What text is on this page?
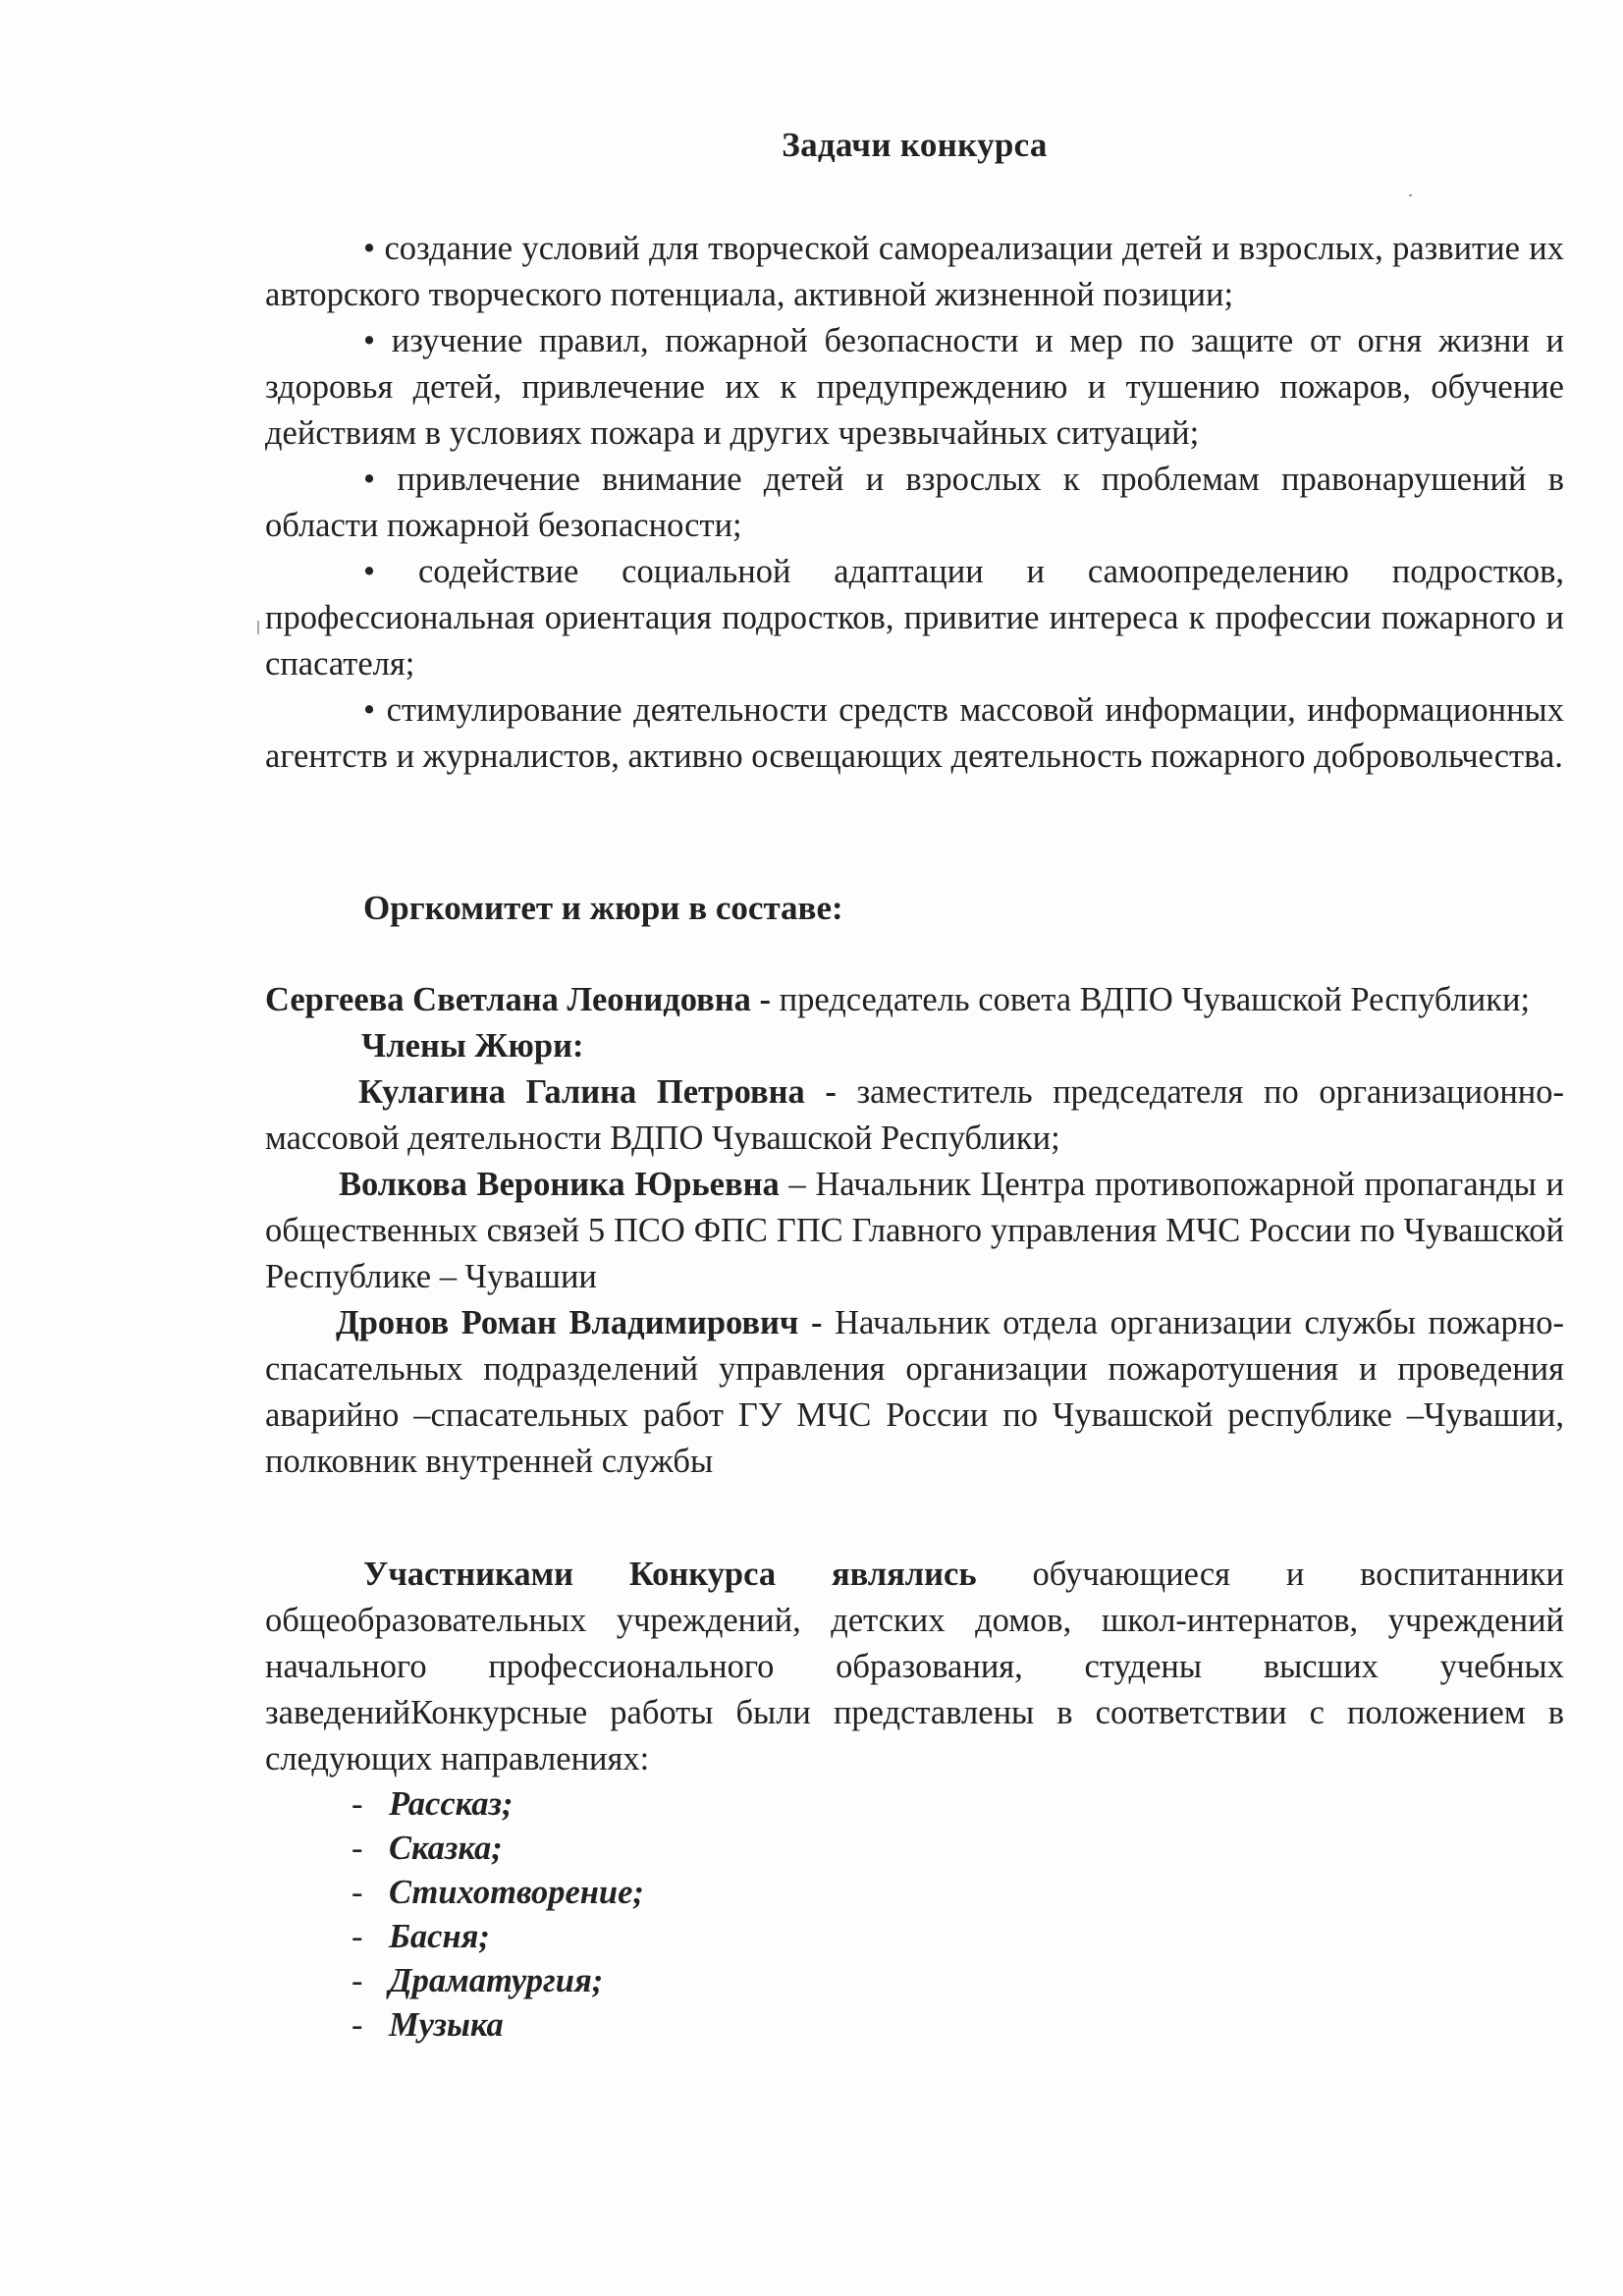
Задачи конкурса

• создание условий для творческой самореализации детей и взрослых, развитие их авторского творческого потенциала, активной жизненной позиции;

• изучение правил, пожарной безопасности и мер по защите от огня жизни и здоровья детей, привлечение их к предупреждению и тушению пожаров, обучение действиям в условиях пожара и других чрезвычайных ситуаций;

• привлечение внимание детей и взрослых к проблемам правонарушений в области пожарной безопасности;

• содействие социальной адаптации и самоопределению подростков, профессиональная ориентация подростков, привитие интереса к профессии пожарного и спасателя;

• стимулирование деятельности средств массовой информации, информационных агентств и журналистов, активно освещающих деятельность пожарного добровольчества.

Оргкомитет и жюри в составе:

Сергеева Светлана Леонидовна - председатель совета ВДПО Чувашской Республики;

Члены Жюри:

Кулагина Галина Петровна - заместитель председателя по организационно-массовой деятельности ВДПО Чувашской Республики;

Волкова Вероника Юрьевна – Начальник Центра противопожарной пропаганды и общественных связей 5 ПСО ФПС ГПС Главного управления МЧС России по Чувашской Республике – Чувашии

Дронов Роман Владимирович - Начальник отдела организации службы пожарно-спасательных подразделений управления организации пожаротушения и проведения аварийно –спасательных работ ГУ МЧС России по Чувашской республике –Чувашии, полковник внутренней службы

Участниками Конкурса являлись обучающиеся и воспитанники общеобразовательных учреждений, детских домов, школ-интернатов, учреждений начального профессионального образования, студены высших учебных заведенийКонкурсные работы были представлены в соответствии с положением в следующих направлениях:

- Рассказ;
- Сказка;
- Стихотворение;
- Басня;
- Драматургия;
- Музыка
